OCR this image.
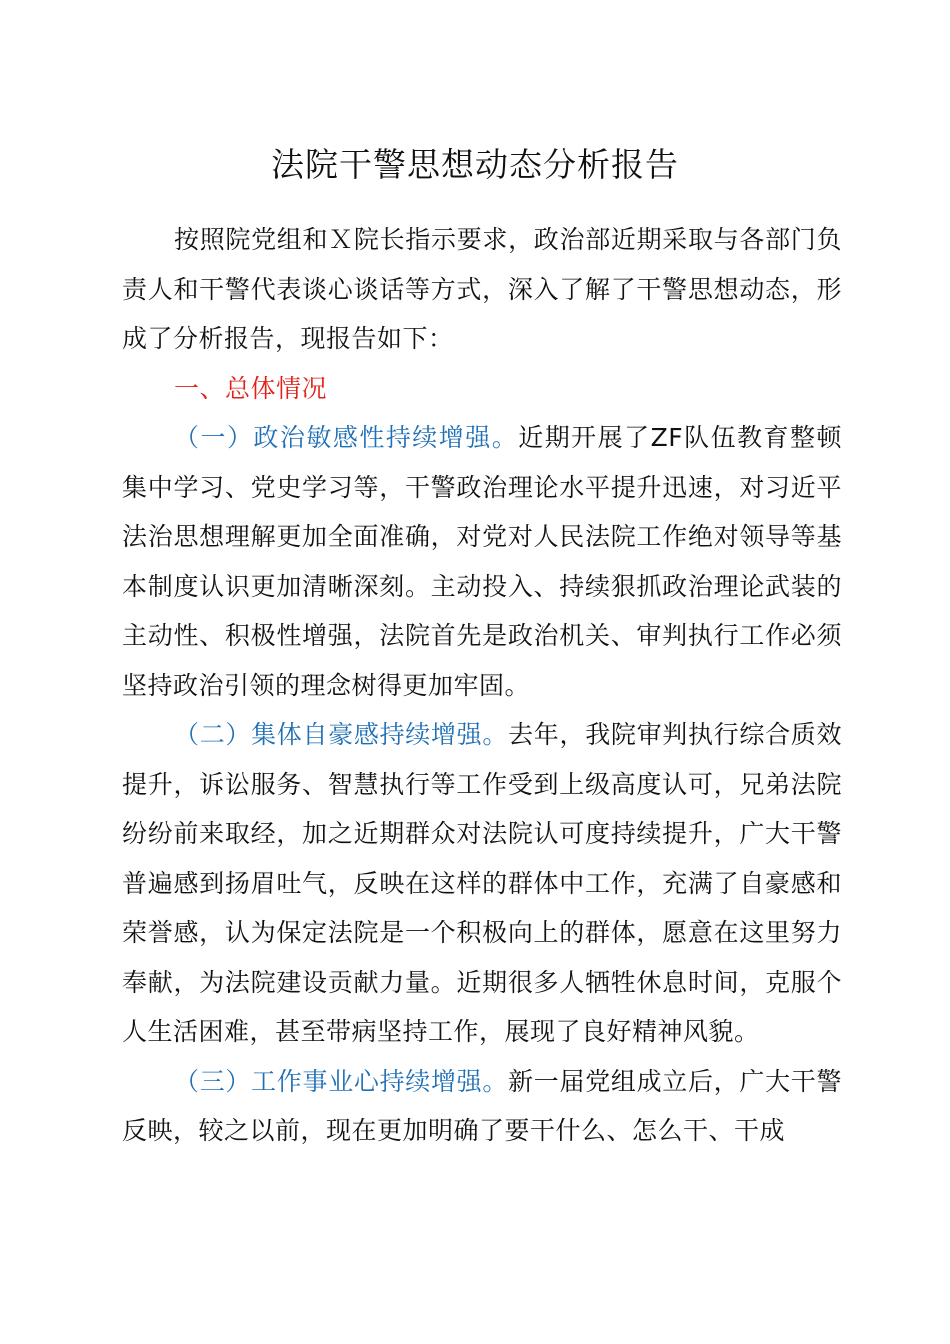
法院干警思想动态分析报告

按照院党组和Ｘ院长指示要求，政治部近期采取与各部门负责人和干警代表谈心谈话等方式，深入了解了干警思想动态，形成了分析报告，现报告如下：

一、总体情况

（一）政治敏感性持续增强。近期开展了ZF队伍教育整顿集中学习、党史学习等，干警政治理论水平提升迅速，对习近平法治思想理解更加全面准确，对党对人民法院工作绝对领导等基本制度认识更加清晰深刻。主动投入、持续狠抓政治理论武装的主动性、积极性增强，法院首先是政治机关、审判执行工作必须坚持政治引领的理念树得更加牢固。

（二）集体自豪感持续增强。去年，我院审判执行综合质效提升，诉讼服务、智慧执行等工作受到上级高度认可，兄弟法院纷纷前来取经，加之近期群众对法院认可度持续提升，广大干警普遍感到扬眉吐气，反映在这样的群体中工作，充满了自豪感和荣誉感，认为保定法院是一个积极向上的群体，愿意在这里努力奉献，为法院建设贡献力量。近期很多人牺牲休息时间，克服个人生活困难，甚至带病坚持工作，展现了良好精神风貌。

（三）工作事业心持续增强。新一届党组成立后，广大干警反映，较之以前，现在更加明确了要干什么、怎么干、干成
